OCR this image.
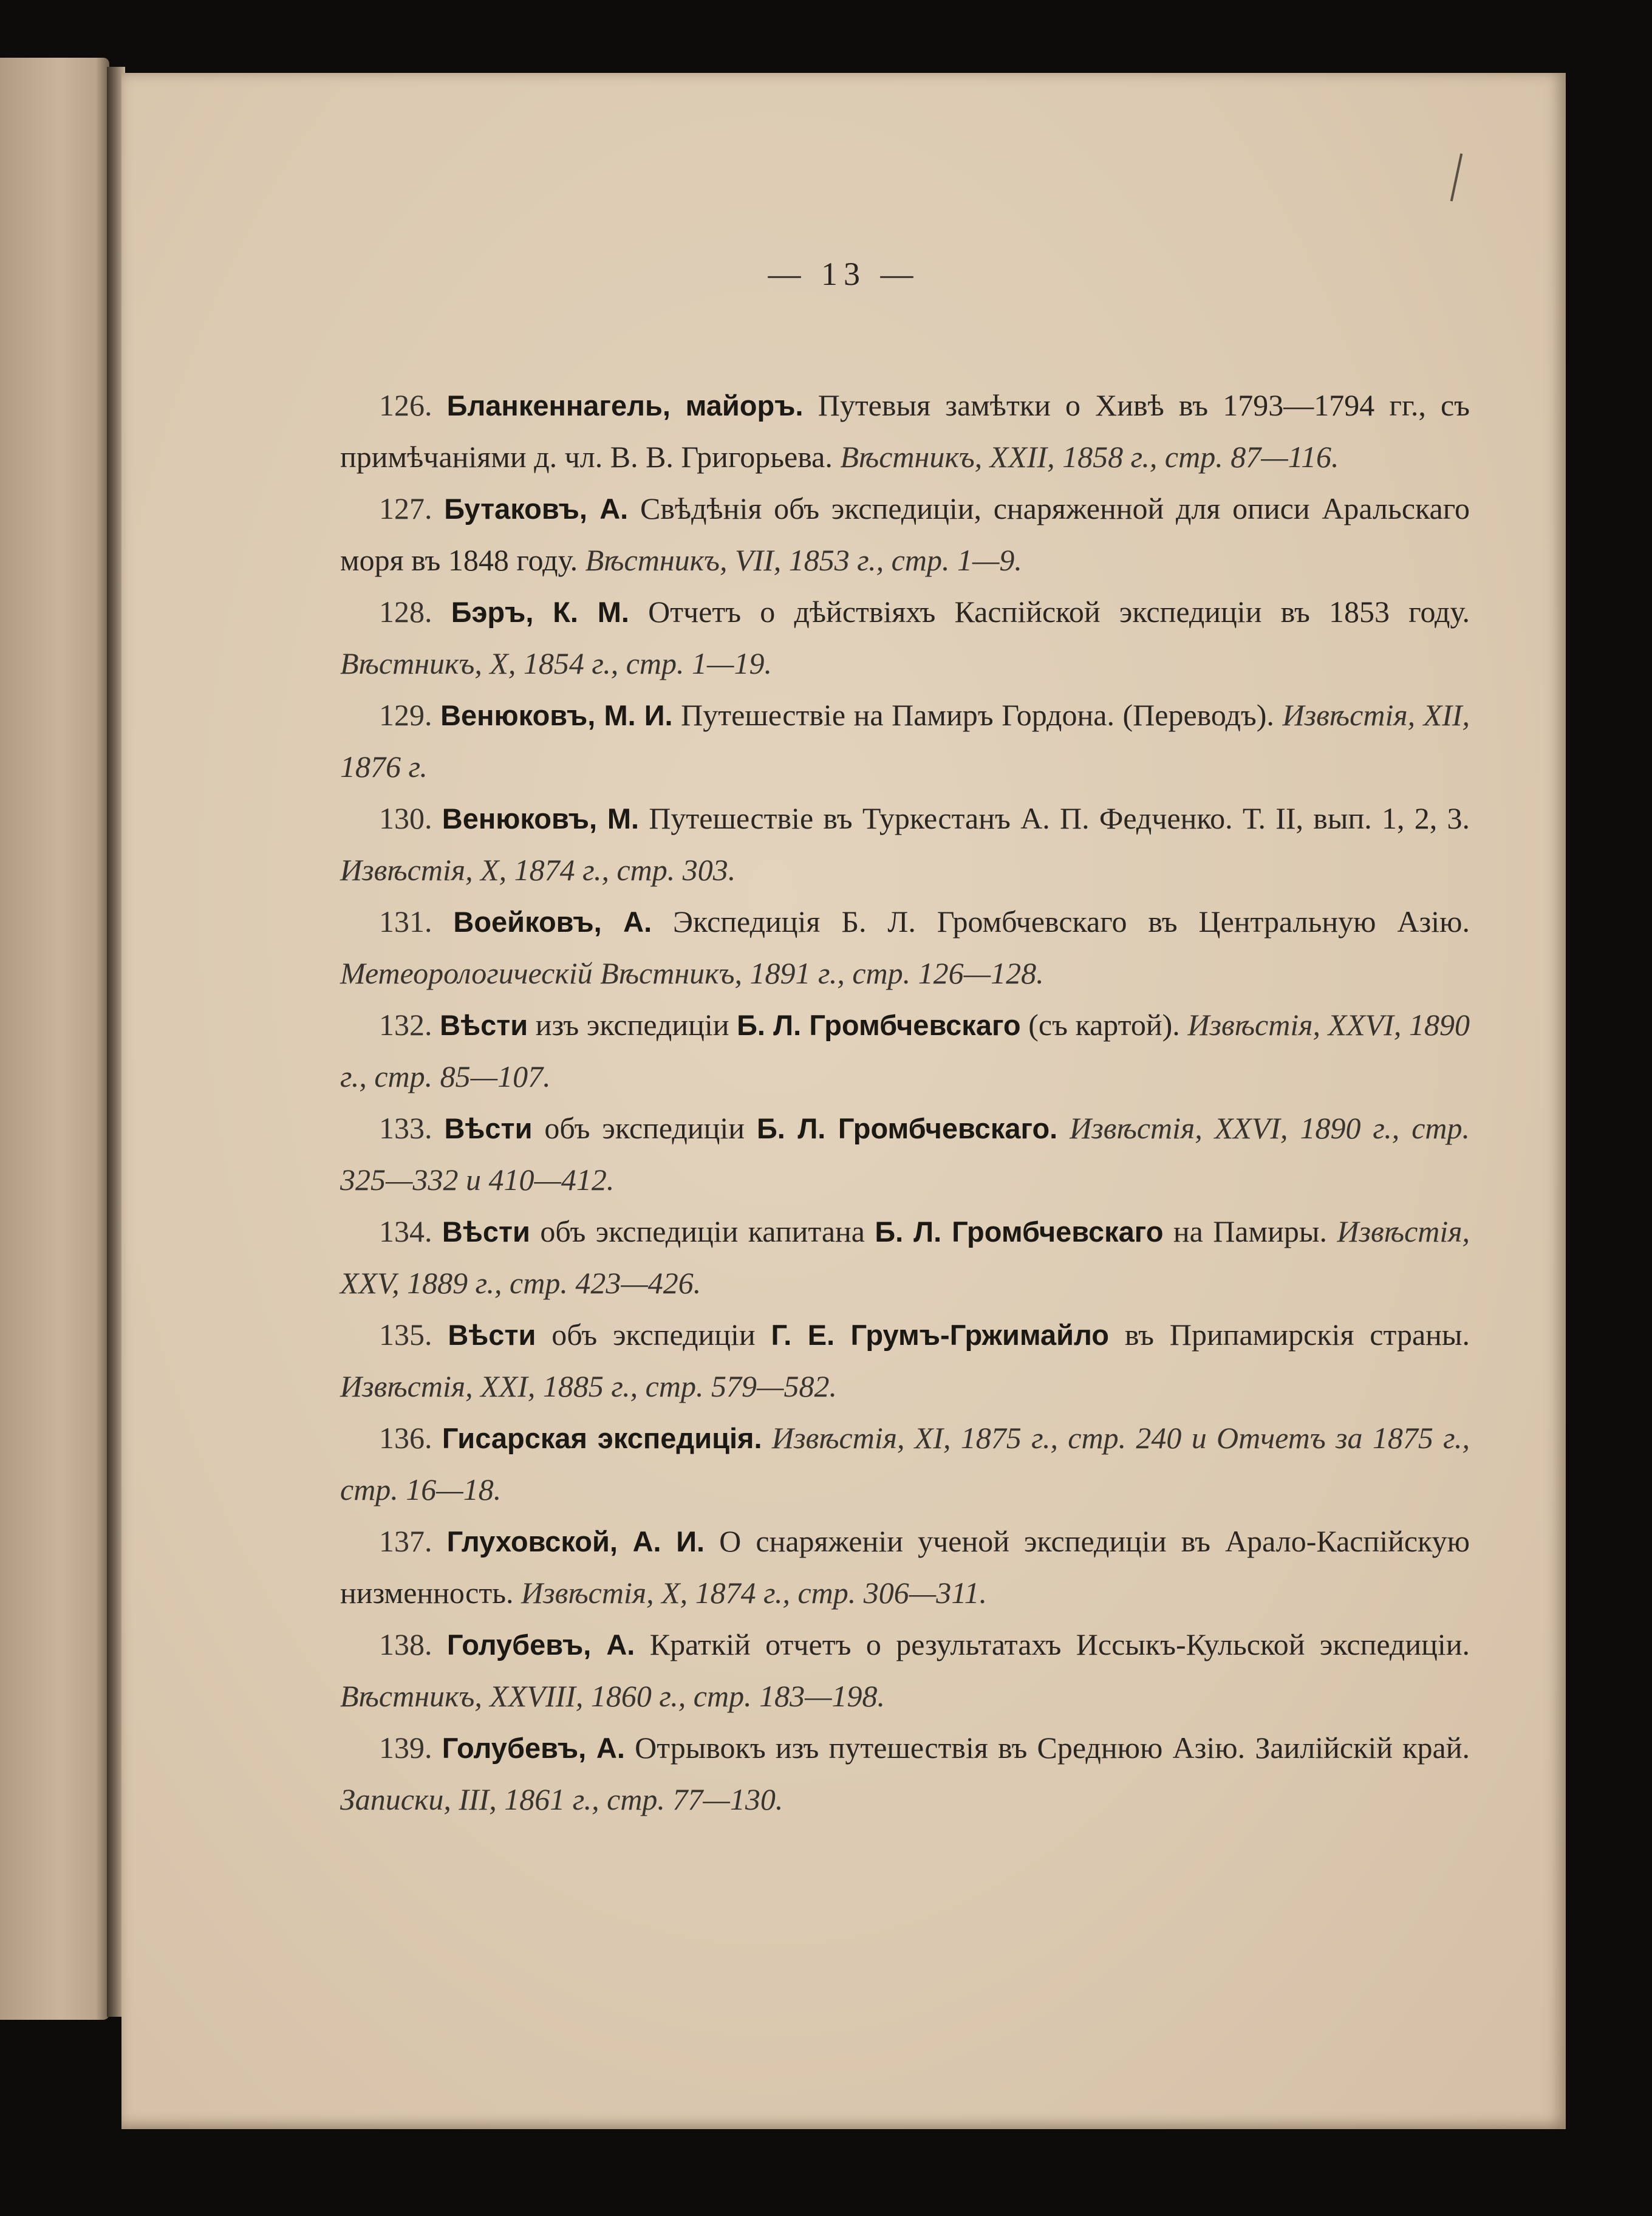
— 13 —

126. Бланкеннагель, майоръ. Путевыя замѣтки о Хивѣ въ 1793—1794 гг., съ примѣчаніями д. чл. В. В. Григорьева. Вѣстникъ, XXII, 1858 г., стр. 87—116.

127. Бутаковъ, А. Свѣдѣнія объ экспедиціи, снаряженной для описи Аральскаго моря въ 1848 году. Вѣстникъ, VII, 1853 г., стр. 1—9.

128. Бэръ, К. М. Отчетъ о дѣйствіяхъ Каспійской экспедиціи въ 1853 году. Вѣстникъ, X, 1854 г., стр. 1—19.

129. Венюковъ, М. И. Путешествіе на Памиръ Гордона. (Переводъ). Извѣстія, XII, 1876 г.

130. Венюковъ, М. Путешествіе въ Туркестанъ А. П. Федченко. Т. II, вып. 1, 2, 3. Извѣстія, X, 1874 г., стр. 303.

131. Воейковъ, А. Экспедиція Б. Л. Громбчевскаго въ Центральную Азію. Метеорологическій Вѣстникъ, 1891 г., стр. 126—128.

132. Вѣсти изъ экспедиціи Б. Л. Громбчевскаго (съ картой). Извѣстія, XXVI, 1890 г., стр. 85—107.

133. Вѣсти объ экспедиціи Б. Л. Громбчевскаго. Извѣстія, XXVI, 1890 г., стр. 325—332 и 410—412.

134. Вѣсти объ экспедиціи капитана Б. Л. Громбчевскаго на Памиры. Извѣстія, XXV, 1889 г., стр. 423—426.

135. Вѣсти объ экспедиціи Г. Е. Грумъ-Гржимайло въ Припамирскія страны. Извѣстія, XXI, 1885 г., стр. 579—582.

136. Гисарская экспедиція. Извѣстія, XI, 1875 г., стр. 240 и Отчетъ за 1875 г., стр. 16—18.

137. Глуховской, А. И. О снаряженіи ученой экспедиціи въ Арало-Каспійскую низменность. Извѣстія, X, 1874 г., стр. 306—311.

138. Голубевъ, А. Краткій отчетъ о результатахъ Иссыкъ-Кульской экспедиціи. Вѣстникъ, XXVIII, 1860 г., стр. 183—198.

139. Голубевъ, А. Отрывокъ изъ путешествія въ Среднюю Азію. Заилійскій край. Записки, III, 1861 г., стр. 77—130.
